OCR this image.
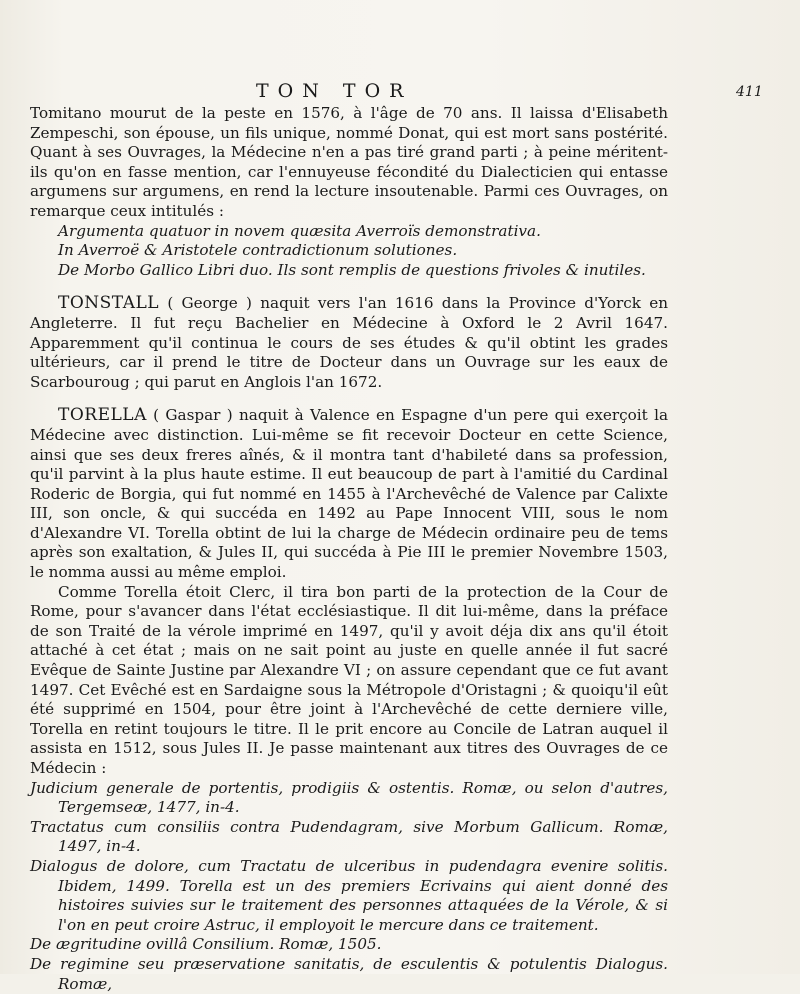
TON TOR	411

Tomitano mourut de la peste en 1576, à l'âge de 70 ans. Il laissa d'Elisabeth Zempeschi, son épouse, un fils unique, nommé Donat, qui est mort sans postérité. Quant à ses Ouvrages, la Médecine n'en a pas tiré grand parti ; à peine méritent-ils qu'on en fasse mention, car l'ennuyeuse fécondité du Dialecticien qui entasse argumens sur argumens, en rend la lecture insoutenable. Parmi ces Ouvrages, on remarque ceux intitulés :

Argumenta quatuor in novem quæsita Averroïs demonstrativa.

In Averroë & Aristotele contradictionum solutiones.

De Morbo Gallico Libri duo. Ils sont remplis de questions frivoles & inutiles.

TONSTALL ( George ) naquit vers l'an 1616 dans la Province d'Yorck en Angleterre. Il fut reçu Bachelier en Médecine à Oxford le 2 Avril 1647. Apparemment qu'il continua le cours de ses études & qu'il obtint les grades ultérieurs, car il prend le titre de Docteur dans un Ouvrage sur les eaux de Scarbouroug ; qui parut en Anglois l'an 1672.

TORELLA ( Gaspar ) naquit à Valence en Espagne d'un pere qui exerçoit la Médecine avec distinction. Lui-même se fit recevoir Docteur en cette Science, ainsi que ses deux freres aînés, & il montra tant d'habileté dans sa profession, qu'il parvint à la plus haute estime. Il eut beaucoup de part à l'amitié du Cardinal Roderic de Borgia, qui fut nommé en 1455 à l'Archevêché de Valence par Calixte III, son oncle, & qui succéda en 1492 au Pape Innocent VIII, sous le nom d'Alexandre VI. Torella obtint de lui la charge de Médecin ordinaire peu de tems après son exaltation, & Jules II, qui succéda à Pie III le premier Novembre 1503, le nomma aussi au même emploi.

Comme Torella étoit Clerc, il tira bon parti de la protection de la Cour de Rome, pour s'avancer dans l'état ecclésiastique. Il dit lui-même, dans la préface de son Traité de la vérole imprimé en 1497, qu'il y avoit déja dix ans qu'il étoit attaché à cet état ; mais on ne sait point au juste en quelle année il fut sacré Evêque de Sainte Justine par Alexandre VI ; on assure cependant que ce fut avant 1497. Cet Evêché est en Sardaigne sous la Métropole d'Oristagni ; & quoiqu'il eût été supprimé en 1504, pour être joint à l'Archevêché de cette derniere ville, Torella en retint toujours le titre. Il le prit encore au Concile de Latran auquel il assista en 1512, sous Jules II. Je passe maintenant aux titres des Ouvrages de ce Médecin :

Judicium generale de portentis, prodigiis & ostentis. Romæ, ou selon d'autres, Tergemseæ, 1477, in-4.

Tractatus cum consiliis contra Pudendagram, sive Morbum Gallicum. Romæ, 1497, in-4.

Dialogus de dolore, cum Tractatu de ulceribus in pudendagra evenire solitis. Ibidem, 1499. Torella est un des premiers Ecrivains qui aient donné des histoires suivies sur le traitement des personnes attaquées de la Vérole, & si l'on en peut croire Astruc, il employoit le mercure dans ce traitement.

De ægritudine ovillâ Consilium. Romæ, 1505.

De regimine seu præservatione sanitatis, de esculentis & potulentis Dialogus. Romæ,
